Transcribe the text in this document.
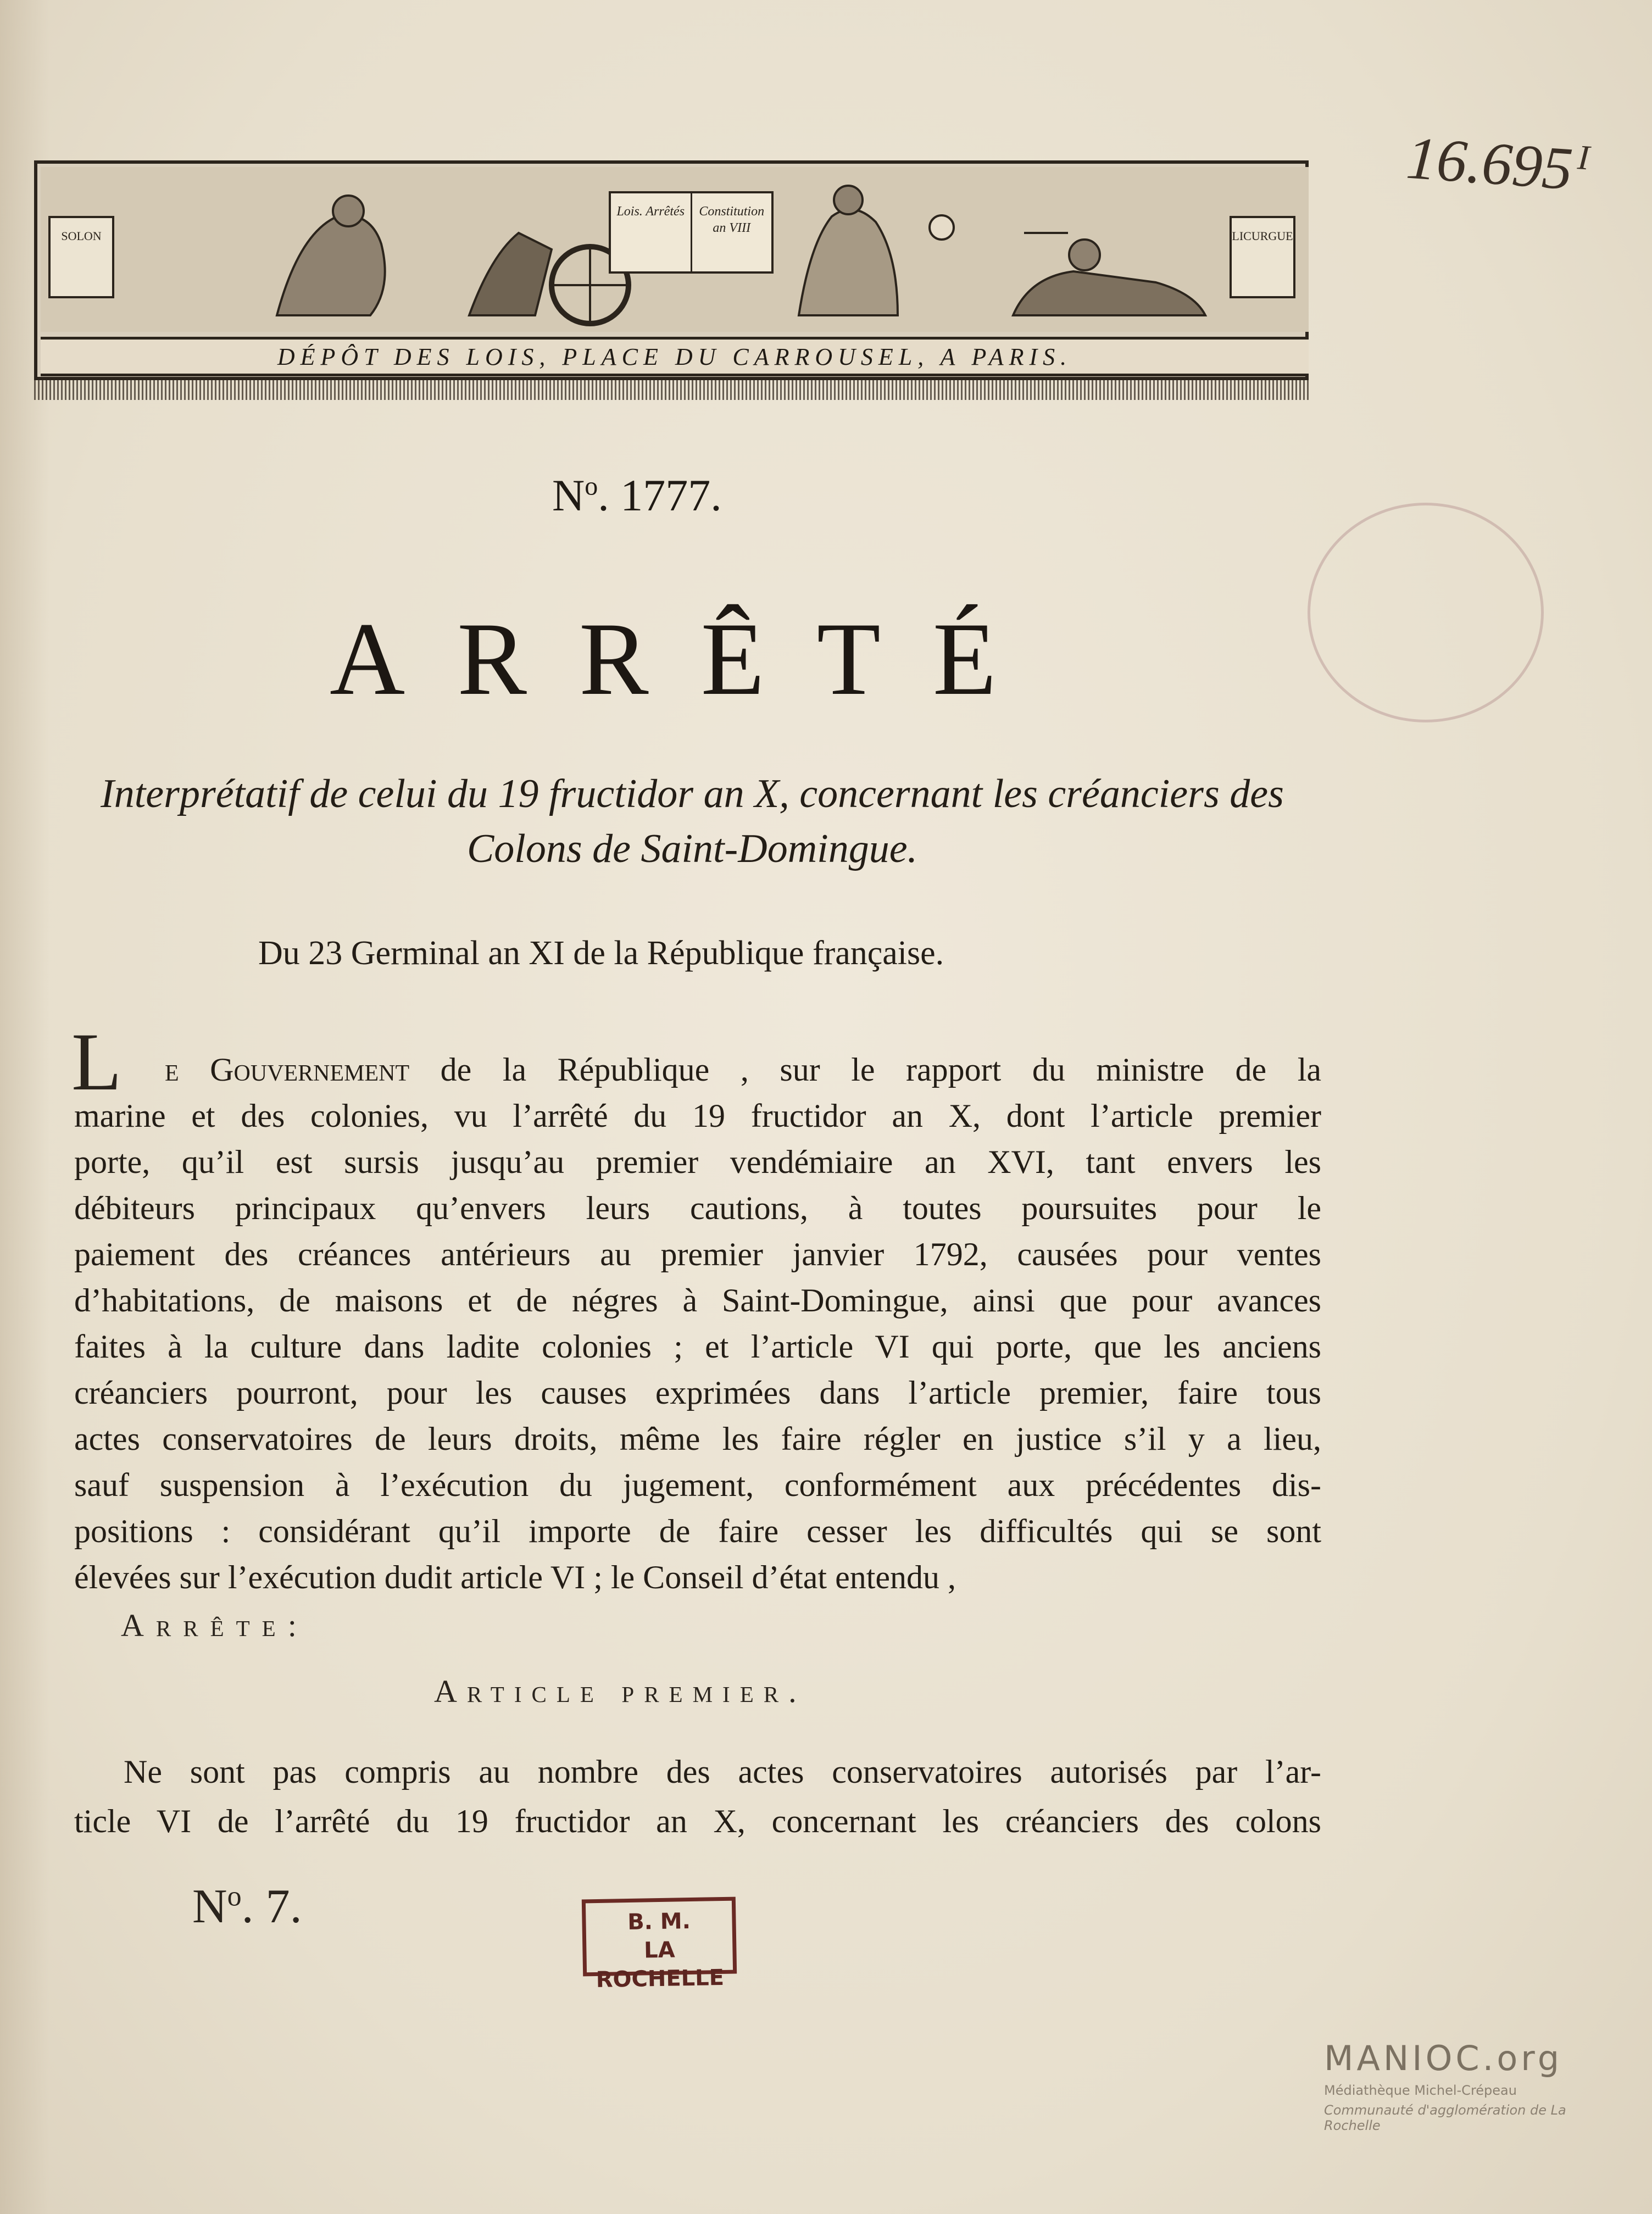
$16.695^I$
SOLON	LICURGUE
Lois. Arrêtés	Constitution an VIII
DÉPÔT DES LOIS, PLACE DU CARROUSEL, A PARIS.
$N^o$. 1777.
ARRÊTÉ
Interprétatif de celui du 19 fructidor an X, concernant les créanciers des Colons de Saint-Domingue.
Du 23 Germinal an XI de la République française.
L	e Gouvernement de la République , sur le rapport du ministre de la
marine et des colonies, vu l’arrêté du 19 fructidor an X, dont l’article premier
porte, qu’il est sursis jusqu’au premier vendémiaire an XVI, tant envers les
débiteurs principaux qu’envers leurs cautions, à toutes poursuites pour le
paiement des créances antérieurs au premier janvier 1792, causées pour ventes
d’habitations, de maisons et de négres à Saint-Domingue, ainsi que pour avances
faites à la culture dans ladite colonies ; et l’article VI qui porte, que les anciens
créanciers pourront, pour les causes exprimées dans l’article premier, faire tous
actes conservatoires de leurs droits, même les faire régler en justice s’il y a lieu,
sauf suspension à l’exécution du jugement, conformément aux précédentes dis-
positions : considérant qu’il importe de faire cesser les difficultés qui se sont
élevées sur l’exécution dudit article VI ; le Conseil d’état entendu ,
Arrête:
Article premier.
Ne sont pas compris au nombre des actes conservatoires autorisés par l’ar-
ticle VI de l’arrêté du 19 fructidor an X, concernant les créanciers des colons
$N^o$. 7.	B. M.
LA ROCHELLE
MANIOC.org
Médiathèque Michel-Crépeau
Communauté d'agglomération de La Rochelle
